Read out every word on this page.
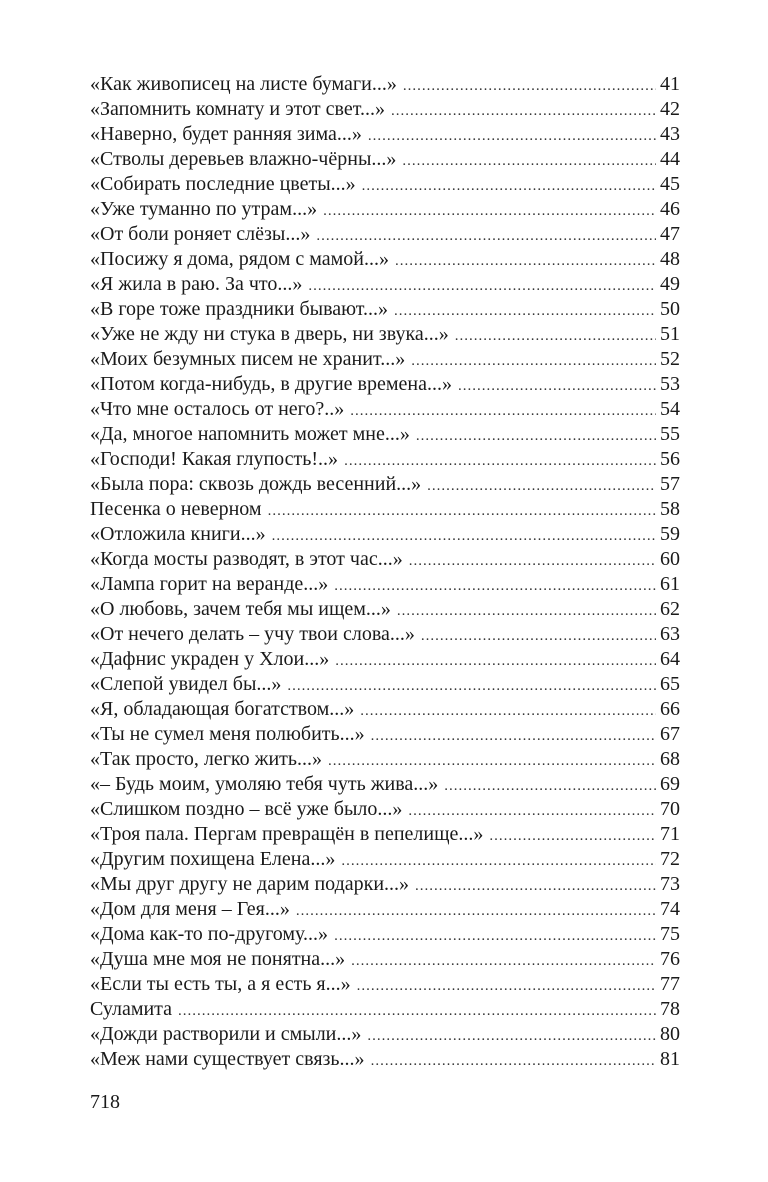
«Как живописец на листе бумаги...» .....	41
«Запомнить комнату и этот свет...» .....	42
«Наверно, будет ранняя зима...» .....	43
«Стволы деревьев влажно-чёрны...» .....	44
«Собирать последние цветы...» .....	45
«Уже туманно по утрам...» .....	46
«От боли роняет слёзы...» .....	47
«Посижу я дома, рядом с мамой...» .....	48
«Я жила в раю. За что...» .....	49
«В горе тоже праздники бывают...» .....	50
«Уже не жду ни стука в дверь, ни звука...» .....	51
«Моих безумных писем не хранит...» .....	52
«Потом когда-нибудь, в другие времена...» .....	53
«Что мне осталось от него?..» .....	54
«Да, многое напомнить может мне...» .....	55
«Господи! Какая глупость!..» .....	56
«Была пора: сквозь дождь весенний...» .....	57
Песенка о неверном .....	58
«Отложила книги...» .....	59
«Когда мосты разводят, в этот час...» .....	60
«Лампа горит на веранде...» .....	61
«О любовь, зачем тебя мы ищем...» .....	62
«От нечего делать – учу твои слова...» .....	63
«Дафнис украден у Хлои...» .....	64
«Слепой увидел бы...» .....	65
«Я, обладающая богатством...» .....	66
«Ты не сумел меня полюбить...» .....	67
«Так просто, легко жить...» .....	68
«– Будь моим, умоляю тебя чуть жива...» .....	69
«Слишком поздно – всё уже было...» .....	70
«Троя пала. Пергам превращён в пепелище...» .....	71
«Другим похищена Елена...» .....	72
«Мы друг другу не дарим подарки...» .....	73
«Дом для меня – Гея...» .....	74
«Дома как-то по-другому...» .....	75
«Душа мне моя не понятна...» .....	76
«Если ты есть ты, а я есть я...» .....	77
Суламита .....	78
«Дожди растворили и смыли...» .....	80
«Меж нами существует связь...» .....	81
718
